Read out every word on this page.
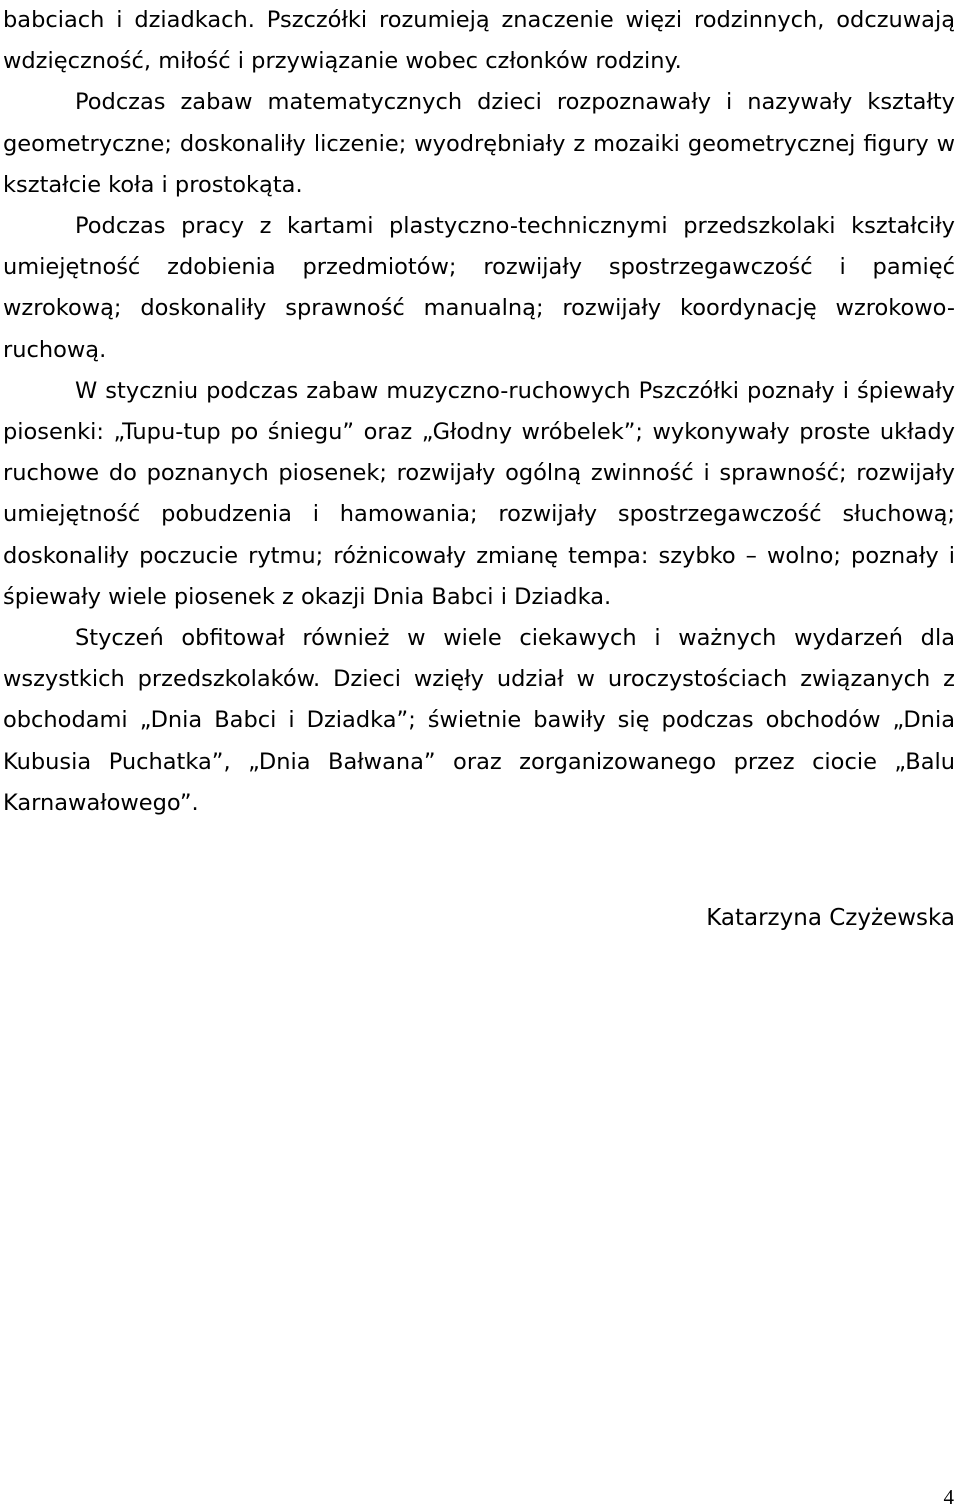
babciach i dziadkach. Pszczółki rozumieją znaczenie więzi rodzinnych, odczuwają wdzięczność, miłość i przywiązanie wobec członków rodziny.

Podczas zabaw matematycznych dzieci rozpoznawały i nazywały kształty geometryczne; doskonaliły liczenie; wyodrębniały z mozaiki geometrycznej figury w kształcie koła i prostokąta.

Podczas pracy z kartami plastyczno-technicznymi przedszkolaki kształciły umiejętność zdobienia przedmiotów; rozwijały spostrzegawczość i pamięć wzrokową; doskonaliły sprawność manualną; rozwijały koordynację wzrokowo-ruchową.

W styczniu podczas zabaw muzyczno-ruchowych Pszczółki poznały i śpiewały piosenki: „Tupu-tup po śniegu” oraz „Głodny wróbelek”; wykonywały proste układy ruchowe do poznanych piosenek; rozwijały ogólną zwinność i sprawność; rozwijały umiejętność pobudzenia i hamowania; rozwijały spostrzegawczość słuchową; doskonaliły poczucie rytmu; różnicowały zmianę tempa: szybko – wolno; poznały i śpiewały wiele piosenek z okazji Dnia Babci i Dziadka.

Styczeń obfitował również w wiele ciekawych i ważnych wydarzeń dla wszystkich przedszkolaków. Dzieci wzięły udział w uroczystościach związanych z obchodami „Dnia Babci i Dziadka”; świetnie bawiły się podczas obchodów „Dnia Kubusia Puchatka”, „Dnia Bałwana” oraz zorganizowanego przez ciocie „Balu Karnawałowego”.

Katarzyna Czyżewska
4
